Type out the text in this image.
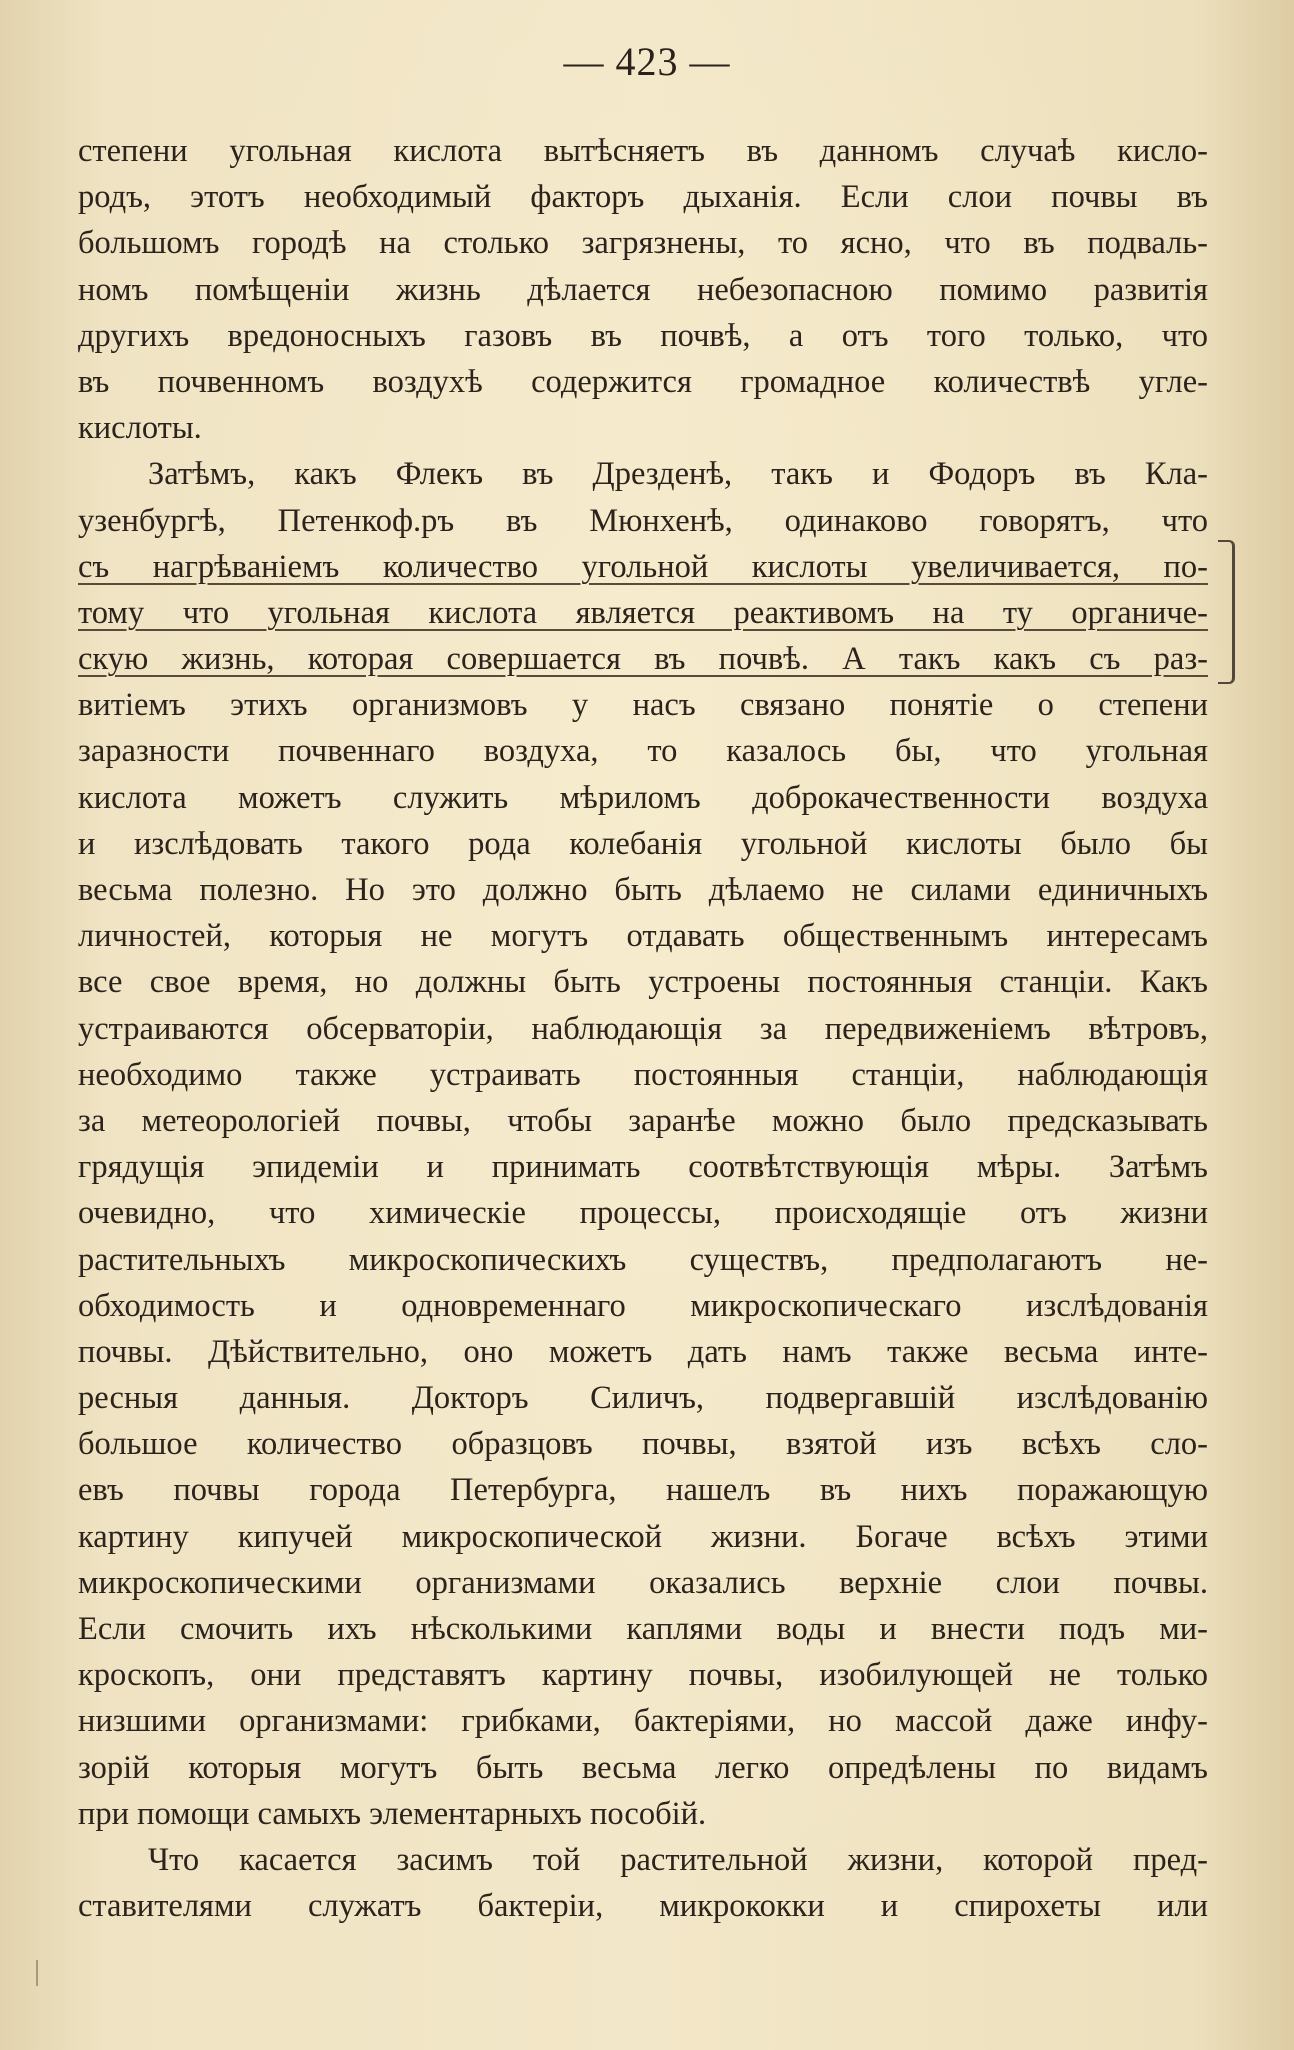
— 423 —
степени угольная кислота вытѣсняетъ въ данномъ случаѣ кисло-
родъ, этотъ необходимый факторъ дыханія. Если слои почвы въ
большомъ городѣ на столько загрязнены, то ясно, что въ подваль-
номъ помѣщеніи жизнь дѣлается небезопасною помимо развитія
другихъ вредоносныхъ газовъ въ почвѣ, а отъ того только, что
въ почвенномъ воздухѣ содержится громадное количествѣ угле-
кислоты.
Затѣмъ, какъ Флекъ въ Дрезденѣ, такъ и Фодоръ въ Кла-
узенбургѣ, Петенкоф.ръ въ Мюнхенѣ, одинаково говорятъ, что
съ нагрѣваніемъ количество угольной кислоты увеличивается, по-
тому что угольная кислота является реактивомъ на ту органиче-
скую жизнь, которая совершается въ почвѣ. А такъ какъ съ раз-
витіемъ этихъ организмовъ у насъ связано понятіе о степени
заразности почвеннаго воздуха, то казалось бы, что угольная
кислота можетъ служить мѣриломъ доброкачественности воздуха
и изслѣдовать такого рода колебанія угольной кислоты было бы
весьма полезно. Но это должно быть дѣлаемо не силами единичныхъ
личностей, которыя не могутъ отдавать общественнымъ интересамъ
все свое время, но должны быть устроены постоянныя станціи. Какъ
устраиваются обсерваторіи, наблюдающія за передвиженіемъ вѣтровъ,
необходимо также устраивать постоянныя станціи, наблюдающія
за метеорологіей почвы, чтобы заранѣе можно было предсказывать
грядущія эпидеміи и принимать соотвѣтствующія мѣры. Затѣмъ
очевидно, что химическіе процессы, происходящіе отъ жизни
растительныхъ микроскопическихъ существъ, предполагаютъ не-
обходимость и одновременнаго микроскопическаго изслѣдованія
почвы. Дѣйствительно, оно можетъ дать намъ также весьма инте-
ресныя данныя. Докторъ Силичъ, подвергавшій изслѣдованію
большое количество образцовъ почвы, взятой изъ всѣхъ сло-
евъ почвы города Петербурга, нашелъ въ нихъ поражающую
картину кипучей микроскопической жизни. Богаче всѣхъ этими
микроскопическими организмами оказались верхніе слои почвы.
Если смочить ихъ нѣсколькими каплями воды и внести подъ ми-
кроскопъ, они представятъ картину почвы, изобилующей не только
низшими организмами: грибками, бактеріями, но массой даже инфу-
зорій которыя могутъ быть весьма легко опредѣлены по видамъ
при помощи самыхъ элементарныхъ пособій.
Что касается засимъ той растительной жизни, которой пред-
ставителями служатъ бактеріи, микрококки и спирохеты или
